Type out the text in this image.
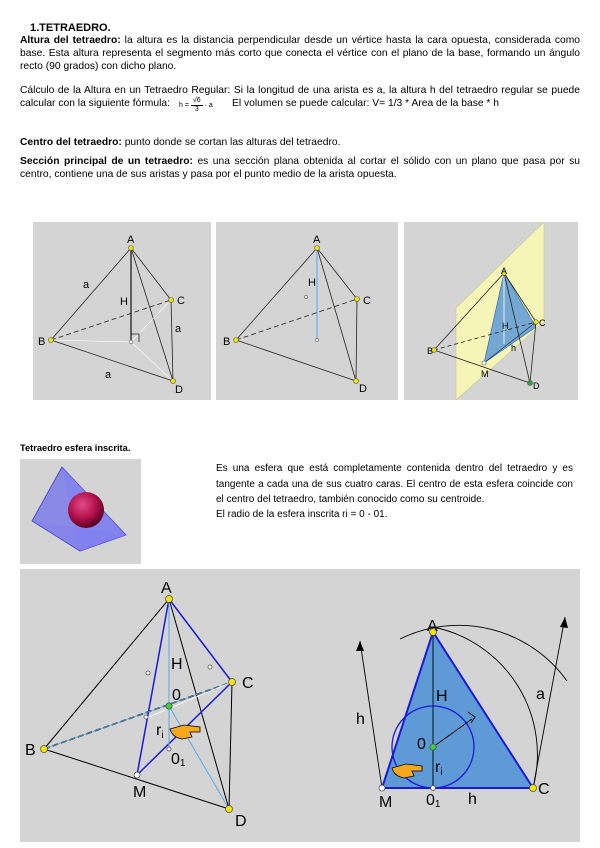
1.TETRAEDRO.
Altura del tetraedro: la altura es la distancia perpendicular desde un vértice hasta la cara opuesta, considerada como base. Esta altura representa el segmento más corto que conecta el vértice con el plano de la base, formando un ángulo recto (90 grados) con dicho plano.
Cálculo de la Altura en un Tetraedro Regular: Si la longitud de una arista es a, la altura h del tetraedro regular se puede calcular con la siguiente fórmula:	$h = \frac{√6}{3} \cdot a$ El volumen se puede calcular: V= 1/3 * Area de la base * h
Centro del tetraedro: punto donde se cortan las alturas del tetraedro.
Sección principal de un tetraedro: es una sección plana obtenida al cortar el sólido con un plano que pasa por su centro, contiene una de sus aristas y pasa por el punto medio de la arista opuesta.
A
B
C
D
H
a
a
a
A
B
C
D
H
A
B
C
D
H
h
M
Tetraedro esfera inscrita.
Es una esfera que está completamente contenida dentro del tetraedro y es tangente a cada una de sus cuatro caras. El centro de esta esfera coincide con el centro del tetraedro, también conocido como su centroide.
El radio de la esfera inscrita ri = 0 - 01.
A
B
C
D
H
M
0
01
ri
A
M
C
H
h
h
a
0
01
ri
